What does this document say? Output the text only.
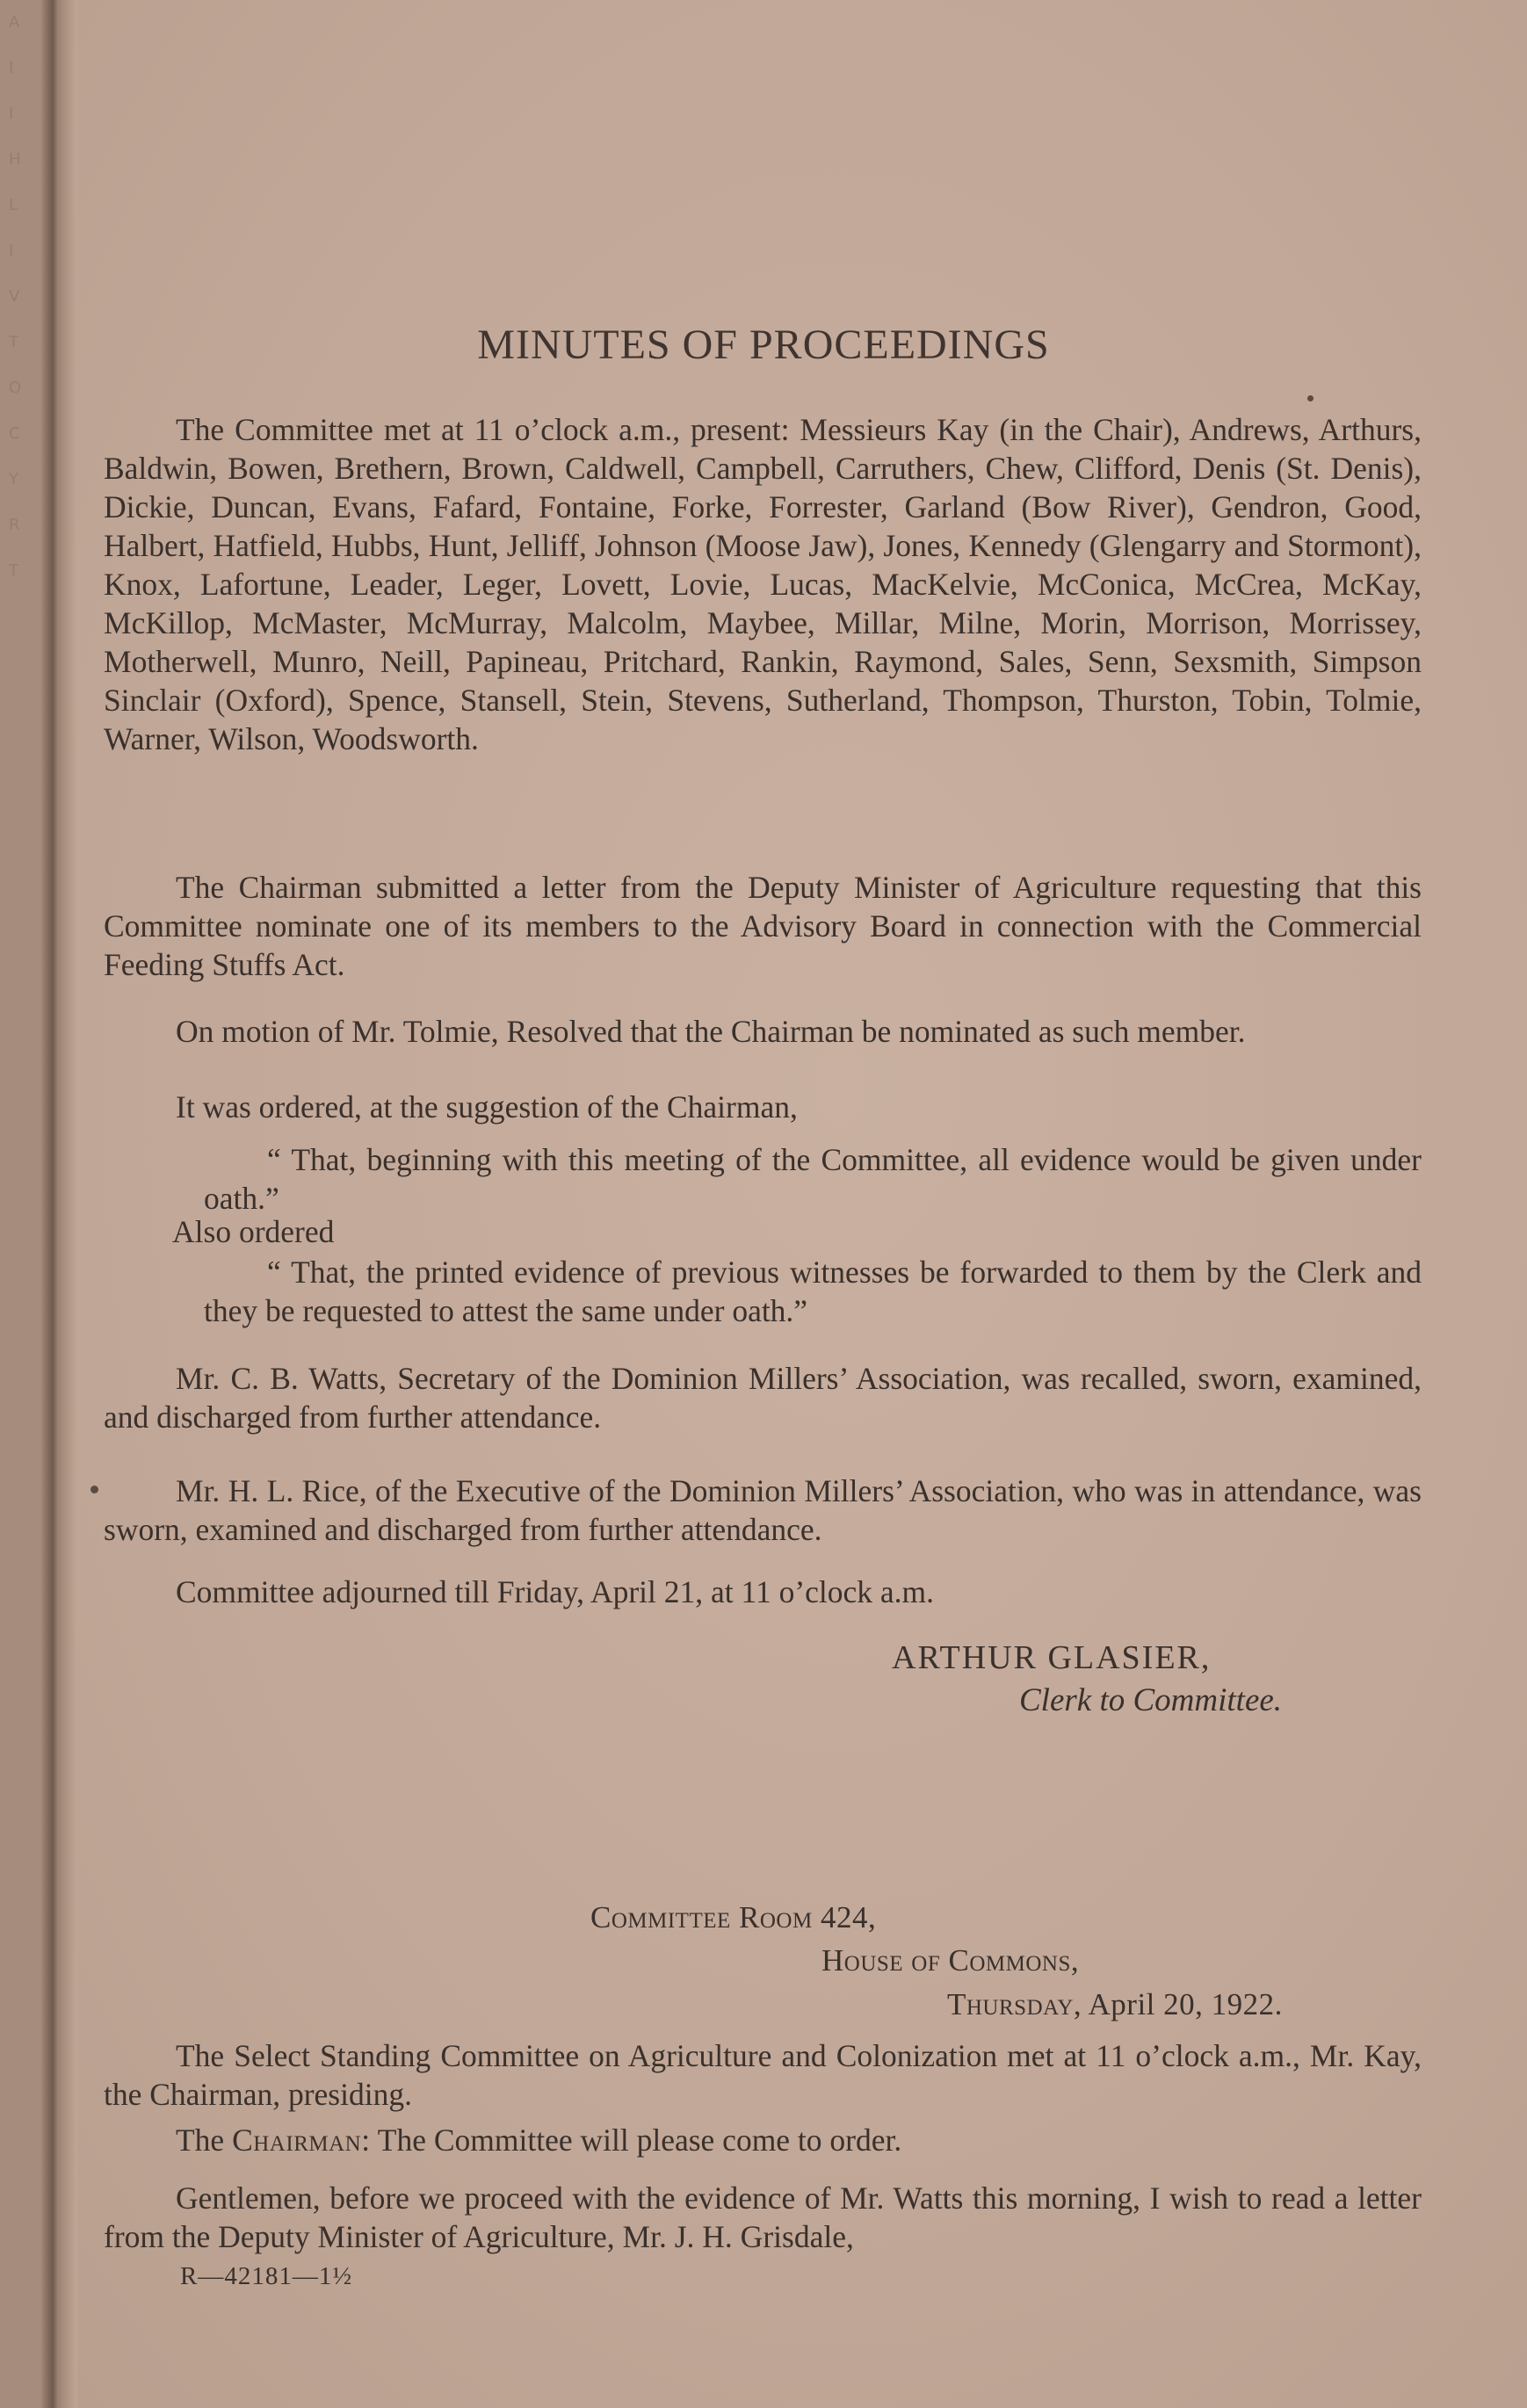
A
I
I
H
L
I
V
T
O
C
Y
R
T
MINUTES OF PROCEEDINGS

The Committee met at 11 o’clock a.m., present: Messieurs Kay (in the Chair), Andrews, Arthurs, Baldwin, Bowen, Brethern, Brown, Caldwell, Campbell, Carruthers, Chew, Clifford, Denis (St. Denis), Dickie, Duncan, Evans, Fafard, Fontaine, Forke, Forrester, Garland (Bow River), Gendron, Good, Halbert, Hatfield, Hubbs, Hunt, Jelliff, Johnson (Moose Jaw), Jones, Kennedy (Glengarry and Stormont), Knox, Lafortune, Leader, Leger, Lovett, Lovie, Lucas, MacKelvie, McConica, McCrea, McKay, McKillop, McMaster, McMurray, Malcolm, Maybee, Millar, Milne, Morin, Morrison, Morrissey, Motherwell, Munro, Neill, Papineau, Pritchard, Rankin, Raymond, Sales, Senn, Sexsmith, Simpson Sinclair (Oxford), Spence, Stansell, Stein, Stevens, Sutherland, Thompson, Thurston, Tobin, Tolmie, Warner, Wilson, Woodsworth.

The Chairman submitted a letter from the Deputy Minister of Agriculture requesting that this Committee nominate one of its members to the Advisory Board in connection with the Commercial Feeding Stuffs Act.

On motion of Mr. Tolmie, Resolved that the Chairman be nominated as such member.

It was ordered, at the suggestion of the Chairman,

“ That, beginning with this meeting of the Committee, all evidence would be given under oath.”

Also ordered

“ That, the printed evidence of previous witnesses be forwarded to them by the Clerk and they be requested to attest the same under oath.”

Mr. C. B. Watts, Secretary of the Dominion Millers’ Association, was recalled, sworn, examined, and discharged from further attendance.

Mr. H. L. Rice, of the Executive of the Dominion Millers’ Association, who was in attendance, was sworn, examined and discharged from further attendance.

Committee adjourned till Friday, April 21, at 11 o’clock a.m.

ARTHUR GLASIER,

Clerk to Committee.

Committee Room 424,

House of Commons,

Thursday, April 20, 1922.

The Select Standing Committee on Agriculture and Colonization met at 11 o’clock a.m., Mr. Kay, the Chairman, presiding.

The Chairman: The Committee will please come to order.

Gentlemen, before we proceed with the evidence of Mr. Watts this morning, I wish to read a letter from the Deputy Minister of Agriculture, Mr. J. H. Grisdale,

R—42181—1½
